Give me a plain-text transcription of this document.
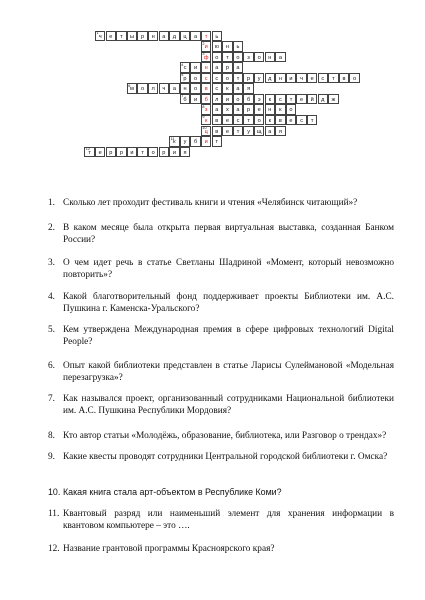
ч
1
е	т	ы	р	н	а	д	ц	а	т	ь
и
2
ю	н	ь
ф
3
о	т	о	з	о	н	а
с
4
и	н	а	р	а
р
5
о	с	с	о	т	р	у	д	н	и	ч	е	с	т	в	о
м
6
о	л	ч	а	н	о	в	с	к	а	я
б
7
и	б	л	и	о	б	э	к	с	т	е	й	д	ж
з
8
а	х	а	р	е	н	к	о
к
9
в	е	с	т	о	к	в	е	с	т
ц
10
в	е	т	у	щ	а	я
к
11
у	б	и	т
т
12
е	р	р	и	т	о	р	и	я
1. Сколько лет проходит фестиваль книги и чтения «Челябинск читающий»?
2. В каком месяце была открыта первая виртуальная выставка, созданная Банком России?
3. О чем идет речь в статье Светланы Шадриной «Момент, который невозможно повторить»?
4. Какой благотворительный фонд поддерживает проекты Библиотеки им. А.С. Пушкина г. Каменска-Уральского?
5. Кем утверждена Международная премия в сфере цифровых технологий Digital People?
6. Опыт какой библиотеки представлен в статье Ларисы Сулеймановой «Модельная перезагрузка»?
7. Как назывался проект, организованный сотрудниками Национальной библиотеки им. А.С. Пушкина Республики Мордовия?
8. Кто автор статьи «Молодёжь, образование, библиотека, или Разговор о трендах»?
9. Какие квесты проводят сотрудники Центральной городской библиотеки г. Омска?
10. Какая книга стала арт-объектом в Республике Коми?
11. Квантовый разряд или наименьший элемент для хранения информации в квантовом компьютере – это ….
12. Название грантовой программы Красноярского края?
